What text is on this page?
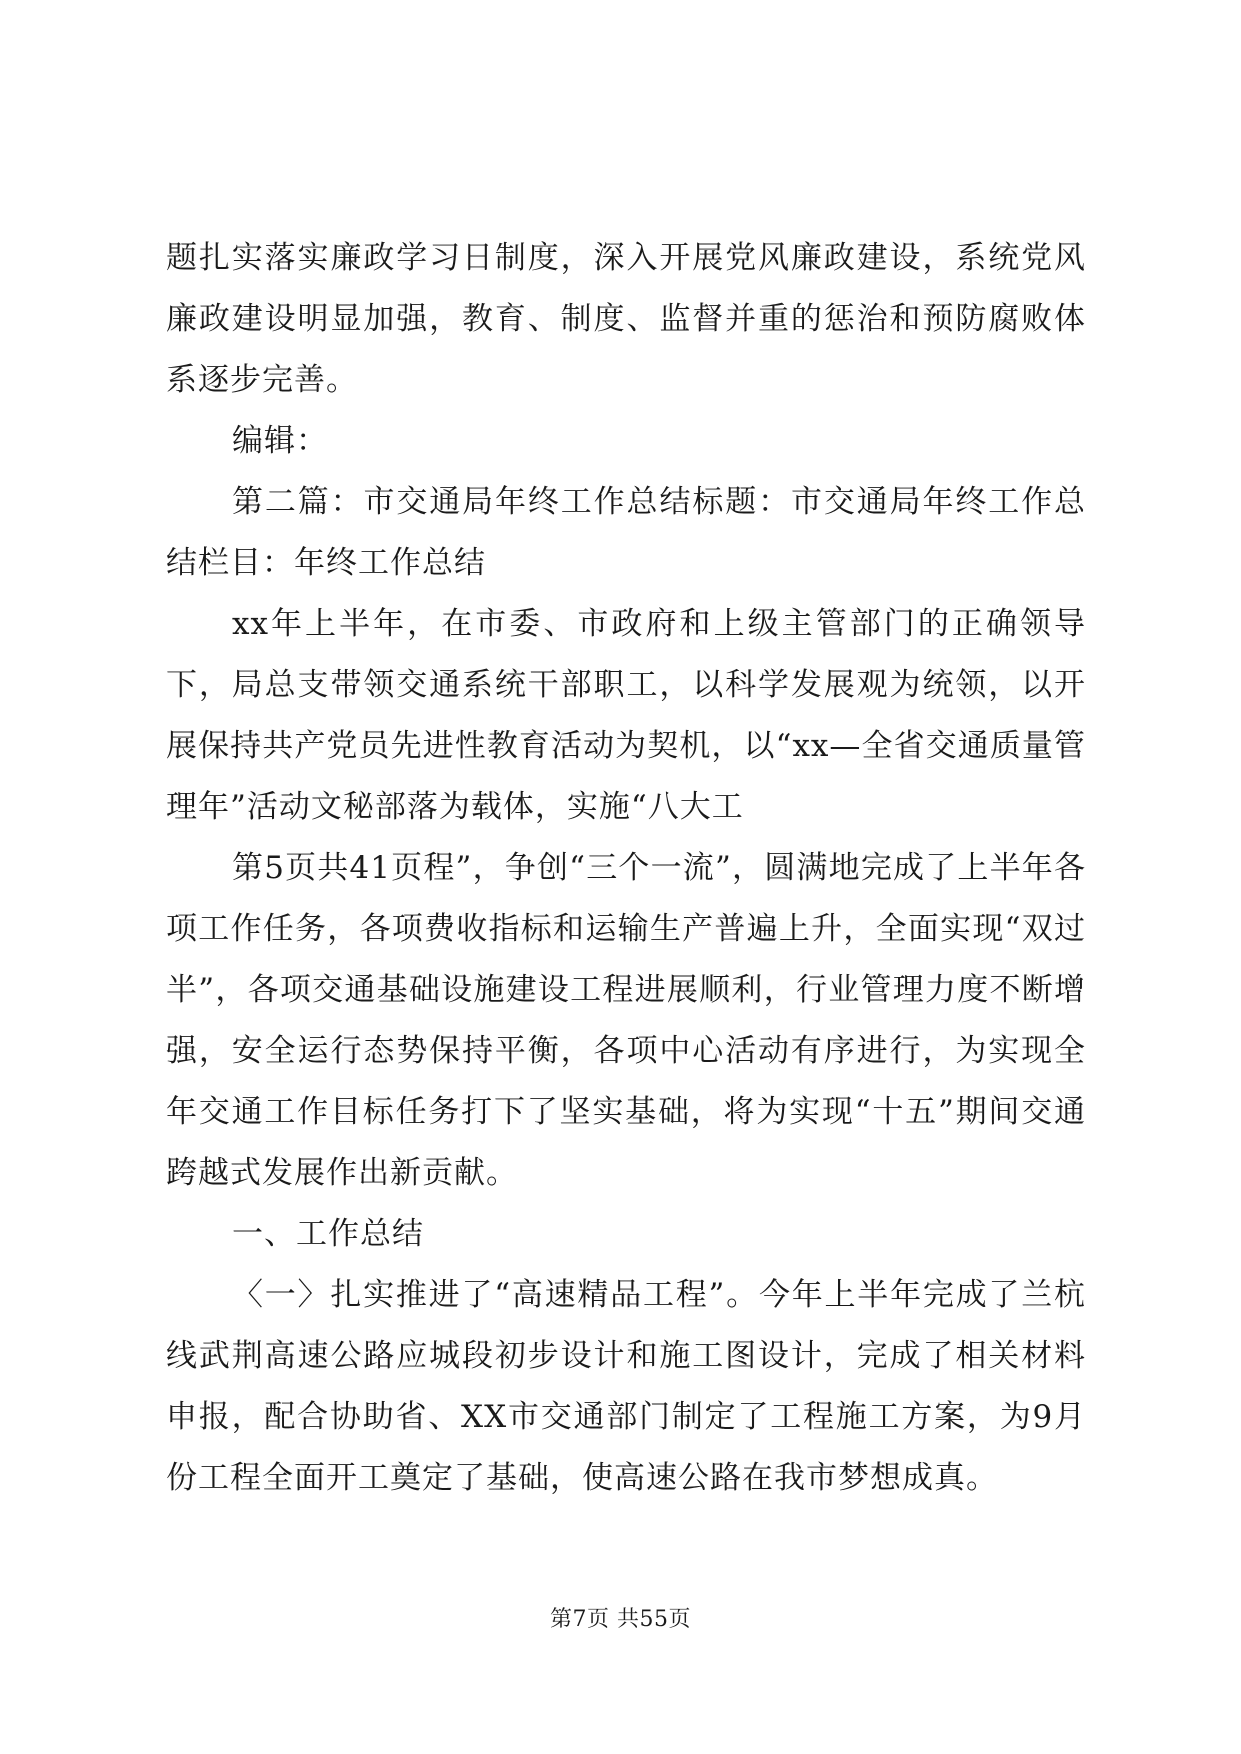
题扎实落实廉政学习日制度，深入开展党风廉政建设，系统党风廉政建设明显加强，教育、制度、监督并重的惩治和预防腐败体系逐步完善。

编辑：

第二篇：市交通局年终工作总结标题：市交通局年终工作总结栏目：年终工作总结

xx年上半年，在市委、市政府和上级主管部门的正确领导下，局总支带领交通系统干部职工，以科学发展观为统领，以开展保持共产党员先进性教育活动为契机，以“xx—全省交通质量管理年”活动文秘部落为载体，实施“八大工

第5页共41页程”，争创“三个一流”，圆满地完成了上半年各项工作任务，各项费收指标和运输生产普遍上升，全面实现“双过半”，各项交通基础设施建设工程进展顺利，行业管理力度不断增强，安全运行态势保持平衡，各项中心活动有序进行，为实现全年交通工作目标任务打下了坚实基础，将为实现“十五”期间交通跨越式发展作出新贡献。

一、工作总结

〈一〉扎实推进了“高速精品工程”。今年上半年完成了兰杭线武荆高速公路应城段初步设计和施工图设计，完成了相关材料申报，配合协助省、XX市交通部门制定了工程施工方案，为9月份工程全面开工奠定了基础，使高速公路在我市梦想成真。

第7页 共55页
